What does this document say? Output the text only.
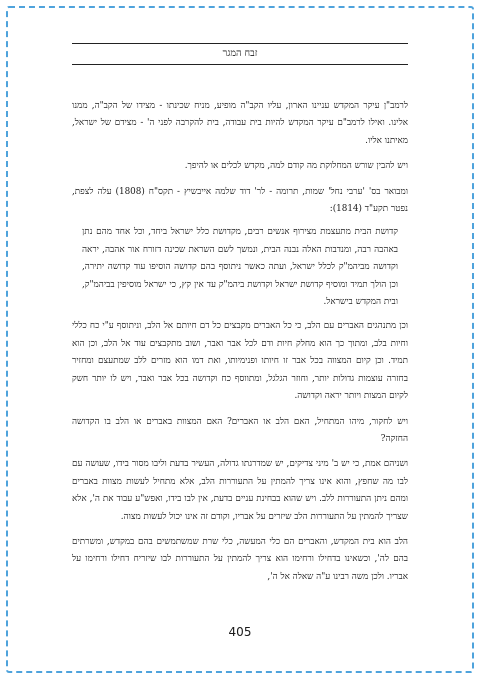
זבח המגר

לרמב"ן עיקר המקדש עניינו הארון, עליו הקב"ה מופיע, מניח שכינתו - מצידו של הקב"ה, ממנו אלינו. ואילו לרמב"ם עיקר המקדש להיות בית עבודה, בית להקרבה לפני ה' - מצידם של ישראל, מאיתנו אליו.

ויש להבין שורש המחלוקת מה קודם למה, מקדש לכלים או להיפך.

ומבואר בס' 'ערבי נחל' שמות, תרומה - לר' דוד שלמה אייבשיץ - תקס"ח (1808) עלה לצפת, נפטר תקע"ד (1814):

קדושת הבית מתעצמת מצירוף אנשים רבים, מקדושת כלל ישראל ביחד, וכל אחד מהם נתן באהבה רבה, ומנדבות האלה נבנה הבית, ונמשך לשם השראת שכינה דזורח אור אהבה, יראה וקדושה מביהמ"ק לכלל ישראל, ועתה כאשר ניתוסף בהם קדושה הוסיפו עוד קדושה יתירה, וכן הולך תמיד ומוסיף קדושת ישראל וקדושת ביהמ"ק עד אין קץ, כי ישראל מוסיפין בביהמ"ק, ובית המקדש בישראל.

וכן מתנהגים האברים עם הלב, כי כל האברים מקבצים כל דם חיותם אל הלב, וניתוסף ע"י כח כללי וחיות בלב, ומתוך כך הוא מחלק חיות ודם לכל אבר ואבר, ושוב מתקבצים עוד אל הלב, וכן הוא תמיד. וכן קיום המצווה בכל אבר זו חיותו ופנימיותו, ואת דמו הוא מזרים ללב שמתעצם ומחזיר בחזרה עוצמות גדולות יותר, וחוזר הגלגל, ומתווסף כח וקדושה בכל אבר ואבר, ויש לו יותר חשק לקיום המצות ויותר יראה וקדושה.

ויש לחקור, מיהו המתחיל, האם הלב או האברים? האם המצוות באברים או הלב בו הקדושה החזקה?

ושניהם אמת, כי יש ב' מיני צדיקים, יש שמדרגתו גדולה, העשיר בדעת וליבו מסור בידו, שעושה עם לבו מה שחפץ, והוא אינו צריך להמתין על התעוררות הלב, אלא מתחיל לעשות מצוות באברים ומהם ניתן התעוררות ללב. ויש שהוא בבחינת עניים בדעת, אין לבו בידו, ואפש"ע עבוד את ה', אלא שצריך להמתין על התעוררות הלב שיזרים על אבריו, וקודם זה אינו יכול לעשות מצוה.

הלב הוא בית המקדש, והאברים הם כלי המעשה, כלי שרת שמשתמשים בהם במקדש, ומשרתים בהם לה', וכשאינו בדחילו ורחימו הוא צריך להמתין על התעוררות לבו שיזריח דחילו ורחימו על אבריו. ולכן משה רבינו ע"ה שאלה אל ה',

405
